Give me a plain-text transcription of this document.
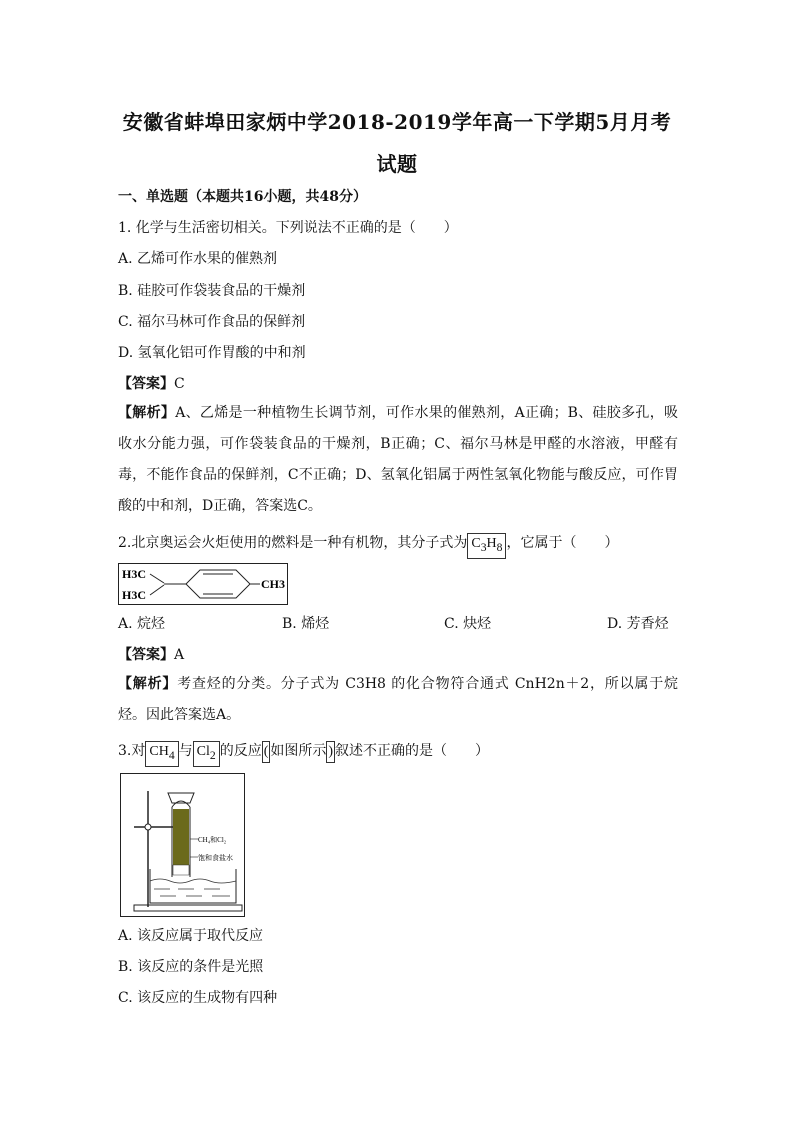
安徽省蚌埠田家炳中学2018-2019学年高一下学期5月月考
试题
一、单选题（本题共16小题，共48分）
1. 化学与生活密切相关。下列说法不正确的是（　　）
A. 乙烯可作水果的催熟剂
B. 硅胶可作袋装食品的干燥剂
C. 福尔马林可作食品的保鲜剂
D. 氢氧化铝可作胃酸的中和剂
【答案】C
【解析】A、乙烯是一种植物生长调节剂，可作水果的催熟剂，A正确；B、硅胶多孔，吸收水分能力强，可作袋装食品的干燥剂，B正确；C、福尔马林是甲醛的水溶液，甲醛有毒，不能作食品的保鲜剂，C不正确；D、氢氧化铝属于两性氢氧化物能与酸反应，可作胃酸的中和剂，D正确，答案选C。
2.北京奥运会火炬使用的燃料是一种有机物，其分子式为 $C_3H_8$ ，它属于（　　）
H3C
H3C
CH3
A. 烷烃	B. 烯烃	C. 炔烃	D. 芳香烃
【答案】A
【解析】考查烃的分类。分子式为 C3H8 的化合物符合通式 CnH2n＋2，所以属于烷烃。因此答案选A。
3.对 $CH_4$ 与 $Cl_2$ 的反应 ( 如图所示 ) 叙述不正确的是（　　）
CH₄和Cl₂
饱和食盐水
A. 该反应属于取代反应
B. 该反应的条件是光照
C. 该反应的生成物有四种
